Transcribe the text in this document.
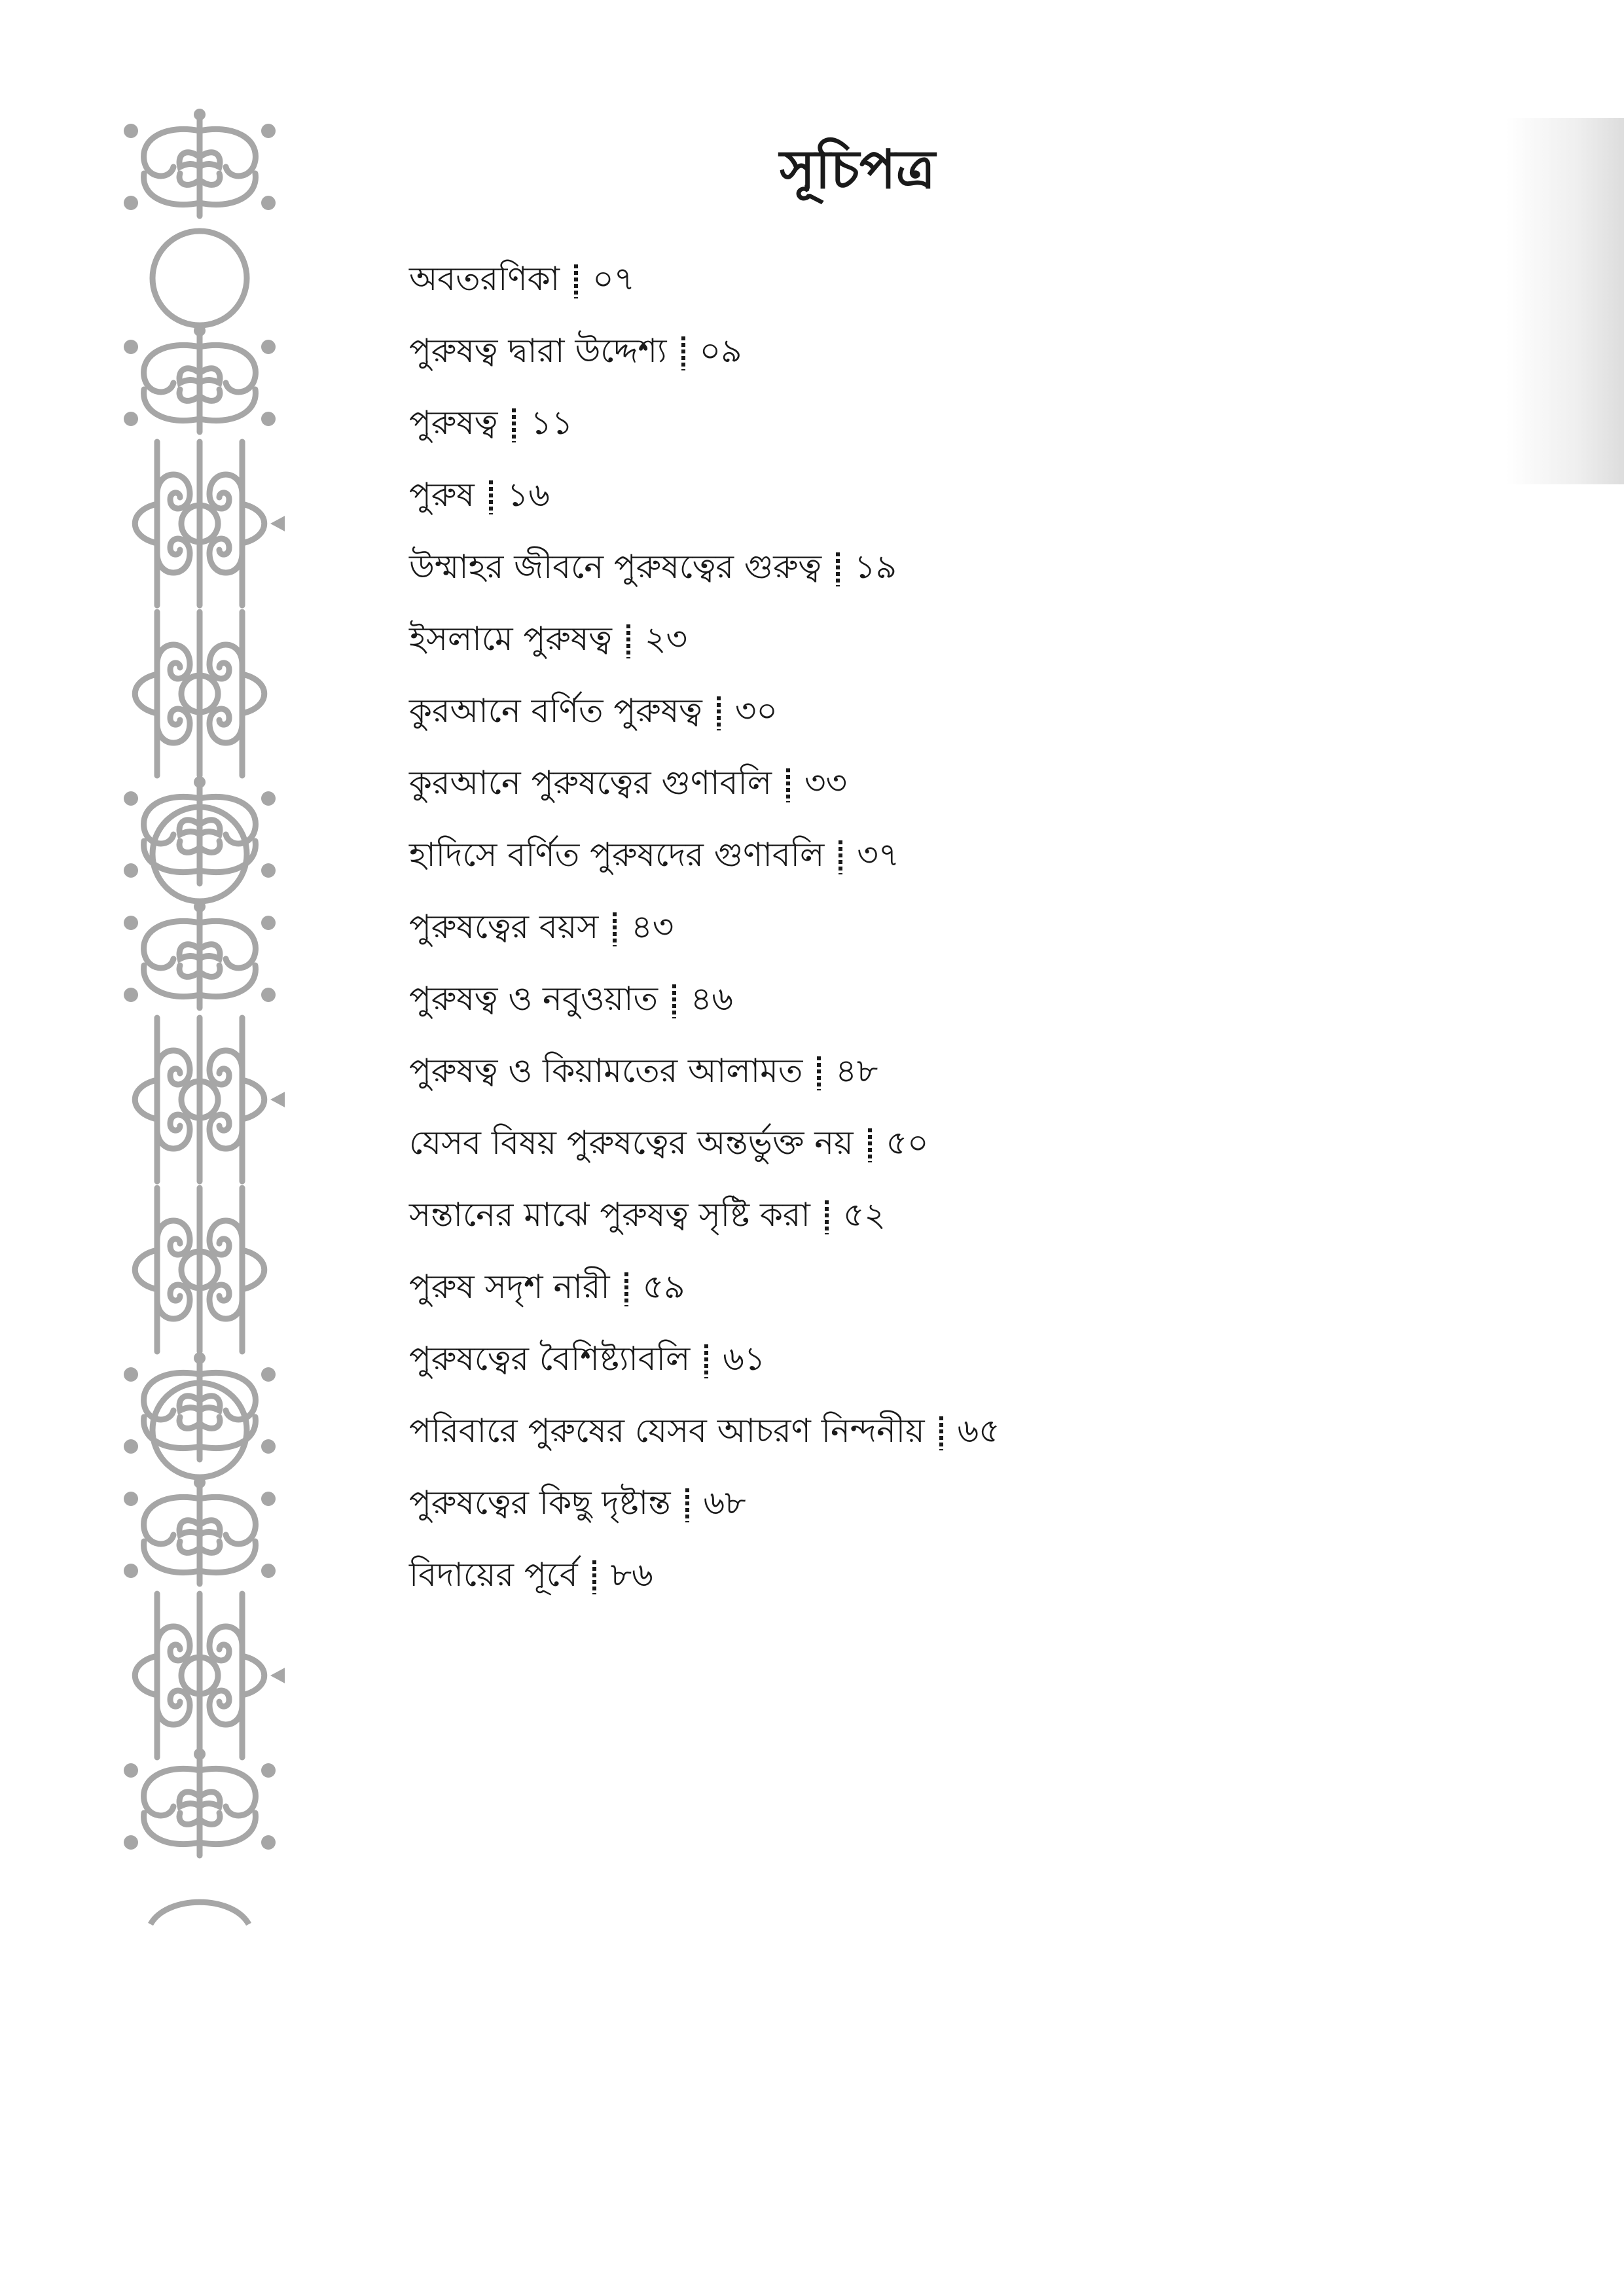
সূচিপত্র
অবতরণিকা ০৭
পুরুষত্ব দ্বারা উদ্দেশ্য ০৯
পুরুষত্ব ১১
পুরুষ ১৬
উম্মাহর জীবনে পুরুষত্বের গুরুত্ব ১৯
ইসলামে পুরুষত্ব ২৩
কুরআনে বর্ণিত পুরুষত্ব ৩০
কুরআনে পুরুষত্বের গুণাবলি ৩৩
হাদিসে বর্ণিত পুরুষদের গুণাবলি ৩৭
পুরুষত্বের বয়স ৪৩
পুরুষত্ব ও নবুওয়াত ৪৬
পুরুষত্ব ও কিয়ামতের আলামত ৪৮
যেসব বিষয় পুরুষত্বের অন্তর্ভুক্ত নয় ৫০
সন্তানের মাঝে পুরুষত্ব সৃষ্টি করা ৫২
পুরুষ সদৃশ নারী ৫৯
পুরুষত্বের বৈশিষ্ট্যাবলি ৬১
পরিবারে পুরুষের যেসব আচরণ নিন্দনীয় ৬৫
পুরুষত্বের কিছু দৃষ্টান্ত ৬৮
বিদায়ের পূর্বে ৮৬
